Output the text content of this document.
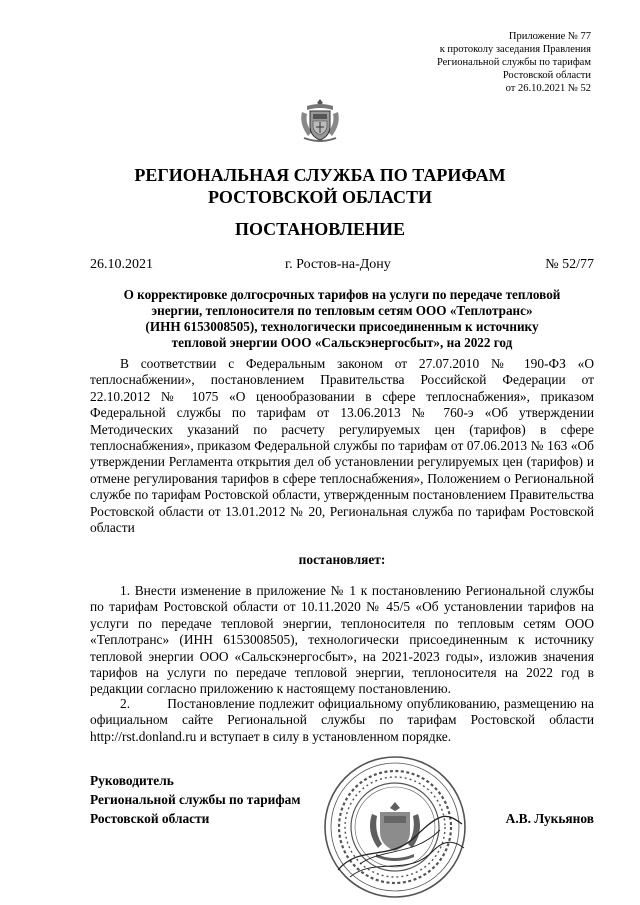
Приложение № 77
к протоколу заседания Правления
Региональной службы по тарифам
Ростовской области
от 26.10.2021 № 52
РЕГИОНАЛЬНАЯ СЛУЖБА ПО ТАРИФАМ
РОСТОВСКОЙ ОБЛАСТИ
ПОСТАНОВЛЕНИЕ
26.10.2021	г. Ростов-на-Дону	№ 52/77
О корректировке долгосрочных тарифов на услуги по передаче тепловой
энергии, теплоносителя по тепловым сетям ООО «Теплотранс»
(ИНН 6153008505), технологически присоединенным к источнику
тепловой энергии ООО «Сальскэнергосбыт», на 2022 год
В соответствии с Федеральным законом от 27.07.2010 № 190-ФЗ «О теплоснабжении», постановлением Правительства Российской Федерации от 22.10.2012 № 1075 «О ценообразовании в сфере теплоснабжения», приказом Федеральной службы по тарифам от 13.06.2013 № 760-э «Об утверждении Методических указаний по расчету регулируемых цен (тарифов) в сфере теплоснабжения», приказом Федеральной службы по тарифам от 07.06.2013 № 163 «Об утверждении Регламента открытия дел об установлении регулируемых цен (тарифов) и отмене регулирования тарифов в сфере теплоснабжения», Положением о Региональной службе по тарифам Ростовской области, утвержденным постановлением Правительства Ростовской области от 13.01.2012 № 20, Региональная служба по тарифам Ростовской области
постановляет:
1. Внести изменение в приложение № 1 к постановлению Региональной службы по тарифам Ростовской области от 10.11.2020 № 45/5 «Об установлении тарифов на услуги по передаче тепловой энергии, теплоносителя по тепловым сетям ООО «Теплотранс» (ИНН 6153008505), технологически присоединенным к источнику тепловой энергии ООО «Сальскэнергосбыт», на 2021-2023 годы», изложив значения тарифов на услуги по передаче тепловой энергии, теплоносителя на 2022 год в редакции согласно приложению к настоящему постановлению.
2.         Постановление подлежит официальному опубликованию, размещению на официальном сайте Региональной службы по тарифам Ростовской области http://rst.donland.ru и вступает в силу в установленном порядке.
Руководитель
Региональной службы по тарифам
Ростовской области	А.В. Лукьянов
